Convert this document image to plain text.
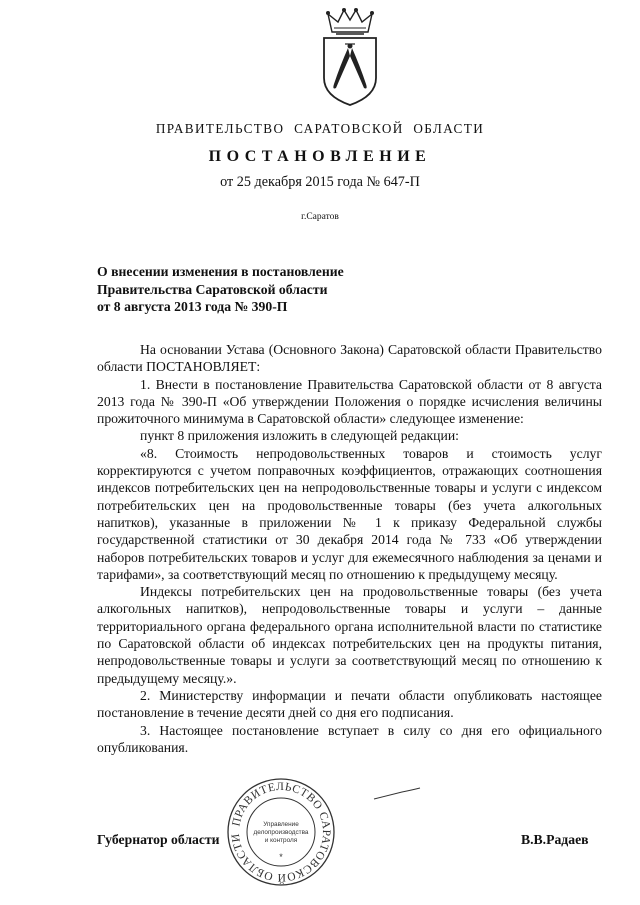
ПРАВИТЕЛЬСТВО САРАТОВСКОЙ ОБЛАСТИ
ПОСТАНОВЛЕНИЕ
от 25 декабря 2015 года № 647-П
г.Саратов
О внесении изменения в постановление
Правительства Саратовской области
от 8 августа 2013 года № 390-П

На основании Устава (Основного Закона) Саратовской области Правительство области ПОСТАНОВЛЯЕТ:

1. Внести в постановление Правительства Саратовской области от 8 августа 2013 года № 390-П «Об утверждении Положения о порядке исчисления величины прожиточного минимума в Саратовской области» следующее изменение:

пункт 8 приложения изложить в следующей редакции:

«8. Стоимость непродовольственных товаров и стоимость услуг корректируются с учетом поправочных коэффициентов, отражающих соотношения индексов потребительских цен на непродовольственные товары и услуги с индексом потребительских цен на продовольственные товары (без учета алкогольных напитков), указанные в приложении № 1 к приказу Федеральной службы государственной статистики от 30 декабря 2014 года № 733 «Об утверждении наборов потребительских товаров и услуг для ежемесячного наблюдения за ценами и тарифами», за соответствующий месяц по отношению к предыдущему месяцу.

Индексы потребительских цен на продовольственные товары (без учета алкогольных напитков), непродовольственные товары и услуги – данные территориального органа федерального органа исполнительной власти по статистике по Саратовской области об индексах потребительских цен на продукты питания, непродовольственные товары и услуги за соответствующий месяц по отношению к предыдущему месяцу.».

2. Министерству информации и печати области опубликовать настоящее постановление в течение десяти дней со дня его подписания.

3. Настоящее постановление вступает в силу со дня его официального опубликования.

ПРАВИТЕЛЬСТВО САРАТОВСКОЙ ОБЛАСТИ
Управление
делопроизводства
и контроля
*
Губернатор области	В.В.Радаев
